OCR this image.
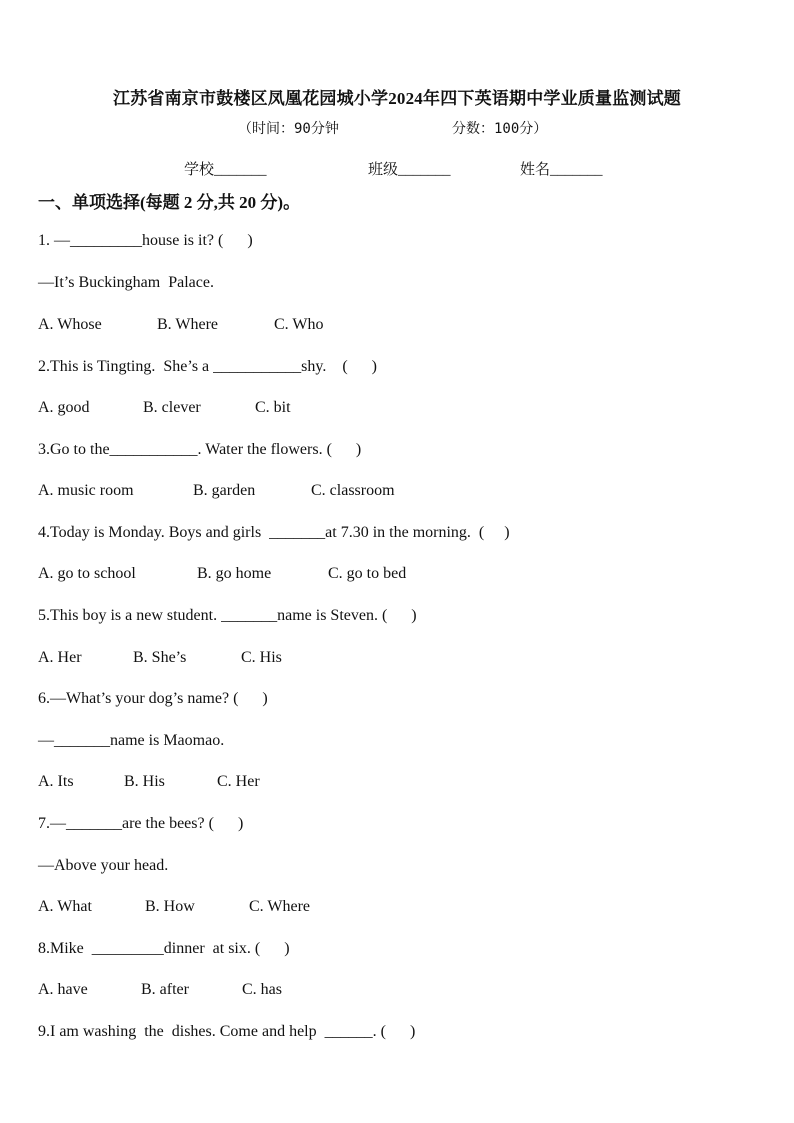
江苏省南京市鼓楼区凤凰花园城小学2024年四下英语期中学业质量监测试题
（时间：90分钟	分数：100分）
学校_______	班级_______	姓名_______
一、单项选择(每题 2 分,共 20 分)。
1. —_________house is it? (      )
—It’s Buckingham  Palace.
A. Whose	B. Where	C. Who
2.This is Tingting.  She’s a ___________shy.    (      )
A. good	B. clever	C. bit
3.Go to the___________. Water the flowers. (      )
A. music room	B. garden	C. classroom
4.Today is Monday. Boys and girls  _______at 7.30 in the morning.  (     )
A. go to school	B. go home	C. go to bed
5.This boy is a new student. _______name is Steven. (      )
A. Her	B. She’s	C. His
6.—What’s your dog’s name? (      )
—_______name is Maomao.
A. Its	B. His	C. Her
7.—_______are the bees? (      )
—Above your head.
A. What	B. How	C. Where
8.Mike  _________dinner  at six. (      )
A. have	B. after	C. has
9.I am washing  the  dishes. Come and help  ______. (      )
